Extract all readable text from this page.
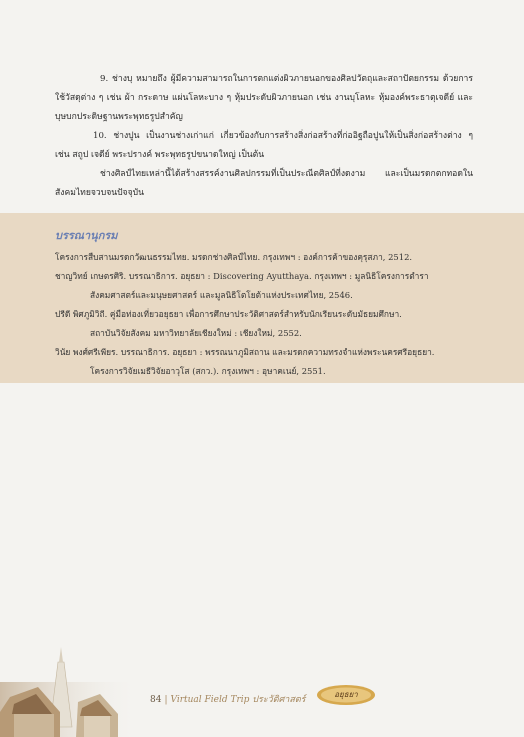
9. ช่างบุ หมายถึง ผู้มีความสามารถในการตกแต่งผิวภายนอกของศิลปวัตถุและสถาปัตยกรรม ด้วยการใช้วัสดุต่าง ๆ เช่น ผ้า กระดาษ แผ่นโลหะบาง ๆ หุ้มประดับผิวภายนอก เช่น งานบุโลหะ หุ้มองค์พระธาตุเจดีย์ และบุษบกประดิษฐานพระพุทธรูปสำคัญ

10. ช่างปูน เป็นงานช่างเก่าแก่ เกี่ยวข้องกับการสร้างสิ่งก่อสร้างที่ก่ออิฐถือปูนให้เป็นสิ่งก่อสร้างต่าง ๆ เช่น สถูป เจดีย์ พระปรางค์ พระพุทธรูปขนาดใหญ่ เป็นต้น

ช่างศิลป์ไทยเหล่านี้ได้สร้างสรรค์งานศิลปกรรมที่เป็นประณีตศิลป์ที่งดงาม และเป็นมรดกตกทอดในสังคมไทยจวบจนปัจจุบัน

บรรณานุกรม
โครงการสืบสานมรดกวัฒนธรรมไทย. มรดกช่างศิลป์ไทย. กรุงเทพฯ : องค์การค้าของคุรุสภา, 2512.
ชาญวิทย์ เกษตรศิริ. บรรณาธิการ. อยุธยา : Discovering Ayutthaya. กรุงเทพฯ : มูลนิธิโครงการตำรา
สังคมศาสตร์และมนุษยศาสตร์ และมูลนิธิโตโยต้าแห่งประเทศไทย, 2546.
ปรีดี พิศภูมิวิถี. คู่มือท่องเที่ยวอยุธยา เพื่อการศึกษาประวัติศาสตร์สำหรับนักเรียนระดับมัธยมศึกษา.
สถาบันวิจัยสังคม มหาวิทยาลัยเชียงใหม่ : เชียงใหม่, 2552.
วินัย พงศ์ศรีเพียร. บรรณาธิการ. อยุธยา : พรรณนาภูมิสถาน และมรดกความทรงจำแห่งพระนครศรีอยุธยา.
โครงการวิจัยเมธีวิจัยอาวุโส (สกว.). กรุงเทพฯ : อุษาคเนย์, 2551.
84 | Virtual Field Trip ประวัติศาสตร์
อยุธยา
